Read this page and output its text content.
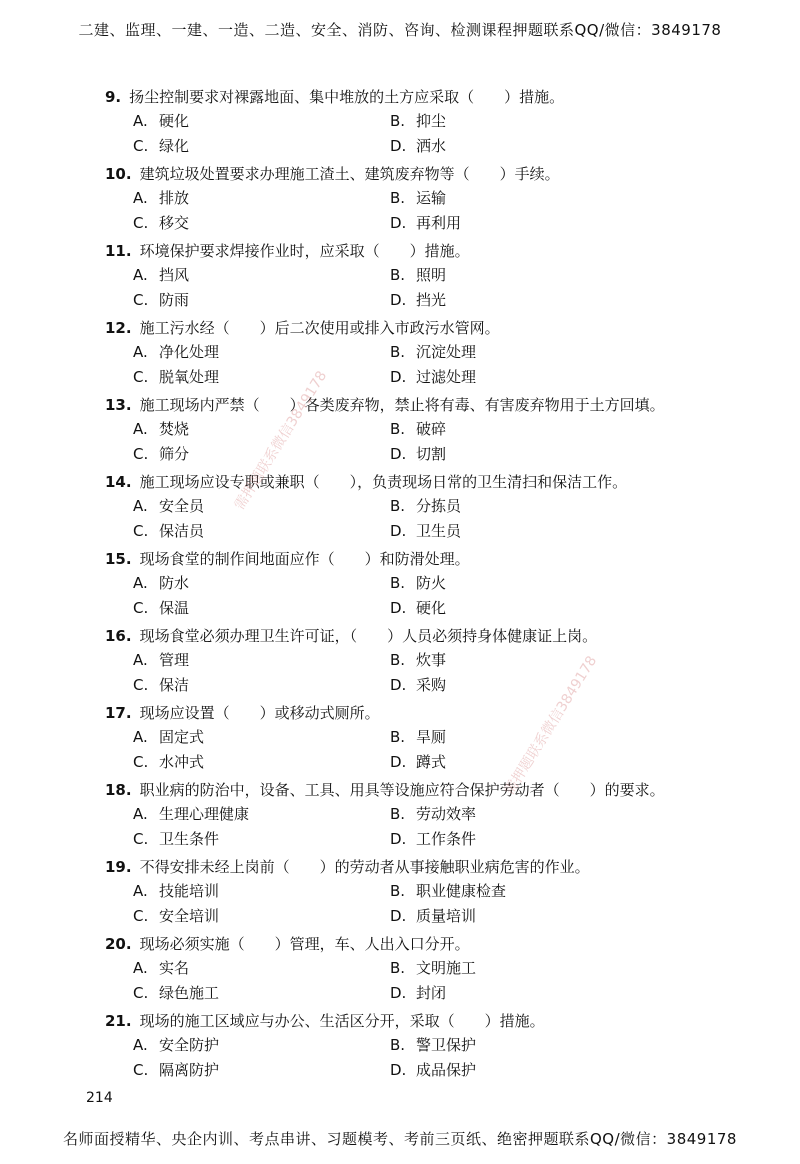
二建、监理、一建、一造、二造、安全、消防、咨询、检测课程押题联系QQ/微信：3849178
9. 扬尘控制要求对裸露地面、集中堆放的土方应采取（　　）措施。
A. 硬化	B. 抑尘
C. 绿化	D. 洒水
10. 建筑垃圾处置要求办理施工渣土、建筑废弃物等（　　）手续。
A. 排放	B. 运输
C. 移交	D. 再利用
11. 环境保护要求焊接作业时，应采取（　　）措施。
A. 挡风	B. 照明
C. 防雨	D. 挡光
12. 施工污水经（　　）后二次使用或排入市政污水管网。
A. 净化处理	B. 沉淀处理
C. 脱氧处理	D. 过滤处理
13. 施工现场内严禁（　　）各类废弃物，禁止将有毒、有害废弃物用于土方回填。
A. 焚烧	B. 破碎
C. 筛分	D. 切割
14. 施工现场应设专职或兼职（　　），负责现场日常的卫生清扫和保洁工作。
A. 安全员	B. 分拣员
C. 保洁员	D. 卫生员
15. 现场食堂的制作间地面应作（　　）和防滑处理。
A. 防水	B. 防火
C. 保温	D. 硬化
16. 现场食堂必须办理卫生许可证，（　　）人员必须持身体健康证上岗。
A. 管理	B. 炊事
C. 保洁	D. 采购
17. 现场应设置（　　）或移动式厕所。
A. 固定式	B. 旱厕
C. 水冲式	D. 蹲式
18. 职业病的防治中，设备、工具、用具等设施应符合保护劳动者（　　）的要求。
A. 生理心理健康	B. 劳动效率
C. 卫生条件	D. 工作条件
19. 不得安排未经上岗前（　　）的劳动者从事接触职业病危害的作业。
A. 技能培训	B. 职业健康检查
C. 安全培训	D. 质量培训
20. 现场必须实施（　　）管理，车、人出入口分开。
A. 实名	B. 文明施工
C. 绿色施工	D. 封闭
21. 现场的施工区域应与办公、生活区分开，采取（　　）措施。
A. 安全防护	B. 警卫保护
C. 隔离防护	D. 成品保护
需押题联系微信3849178
需押题联系微信3849178
214
名师面授精华、央企内训、考点串讲、习题模考、考前三页纸、绝密押题联系QQ/微信：3849178
